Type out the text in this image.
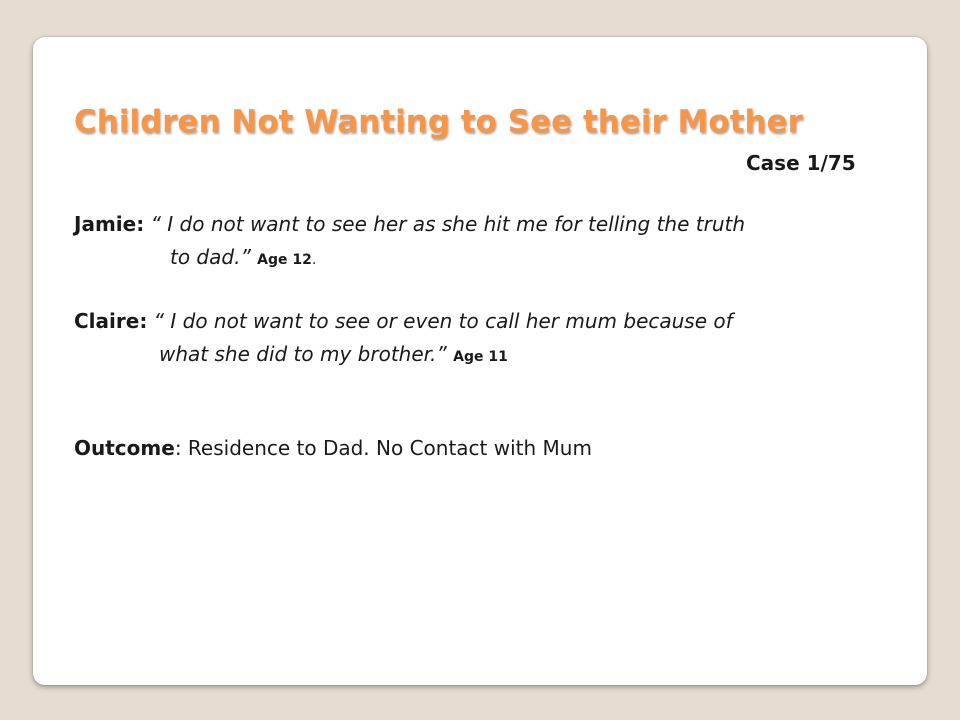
Children Not Wanting to See their Mother
Case 1/75
Jamie: “ I do not want to see her as she hit me for telling the truth
to dad.” Age 12.
Claire: “ I do not want to see or even to call her mum because of
what she did to my brother.” Age 11
Outcome: Residence to Dad. No Contact with Mum
